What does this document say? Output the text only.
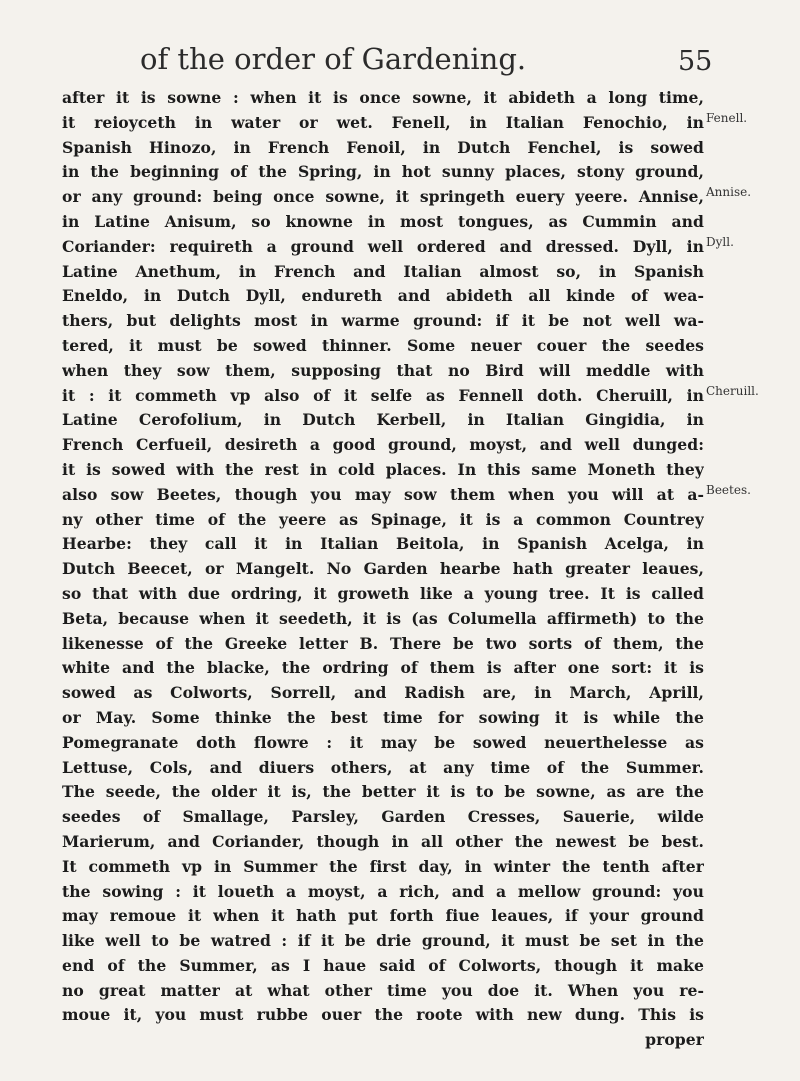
of the order of Gardening.	55
after it is sowne : when it is once sowne, it abideth a long time,
it reioyceth in water or wet. Fenell, in Italian Fenochio, in
Spanish Hinozo, in French Fenoil, in Dutch Fenchel, is sowed
in the beginning of the Spring, in hot sunny places, stony ground,
or any ground: being once sowne, it springeth euery yeere. Annise,
in Latine Anisum, so knowne in most tongues, as Cummin and
Coriander: requireth a ground well ordered and dressed. Dyll, in
Latine Anethum, in French and Italian almost so, in Spanish
Eneldo, in Dutch Dyll, endureth and abideth all kinde of wea-
thers, but delights most in warme ground: if it be not well wa-
tered, it must be sowed thinner. Some neuer couer the seedes
when they sow them, supposing that no Bird will meddle with
it : it commeth vp also of it selfe as Fennell doth. Cheruill, in
Latine Cerofolium, in Dutch Kerbell, in Italian Gingidia, in
French Cerfueil, desireth a good ground, moyst, and well dunged:
it is sowed with the rest in cold places. In this same Moneth they
also sow Beetes, though you may sow them when you will at a-
ny other time of the yeere as Spinage, it is a common Countrey
Hearbe: they call it in Italian Beitola, in Spanish Acelga, in
Dutch Beecet, or Mangelt. No Garden hearbe hath greater leaues,
so that with due ordring, it groweth like a young tree. It is called
Beta, because when it seedeth, it is (as Columella affirmeth) to the
likenesse of the Greeke letter B. There be two sorts of them, the
white and the blacke, the ordring of them is after one sort: it is
sowed as Colworts, Sorrell, and Radish are, in March, Aprill,
or May. Some thinke the best time for sowing it is while the
Pomegranate doth flowre : it may be sowed neuerthelesse as
Lettuse, Cols, and diuers others, at any time of the Summer.
The seede, the older it is, the better it is to be sowne, as are the
seedes of Smallage, Parsley, Garden Cresses, Sauerie, wilde
Marierum, and Coriander, though in all other the newest be best.
It commeth vp in Summer the first day, in winter the tenth after
the sowing : it loueth a moyst, a rich, and a mellow ground: you
may remoue it when it hath put forth fiue leaues, if your ground
like well to be watred : if it be drie ground, it must be set in the
end of the Summer, as I haue said of Colworts, though it make
no great matter at what other time you doe it. When you re-
moue it, you must rubbe ouer the roote with new dung. This is
proper
Fenell.
Annise.
Dyll.
Cheruill.
Beetes.
